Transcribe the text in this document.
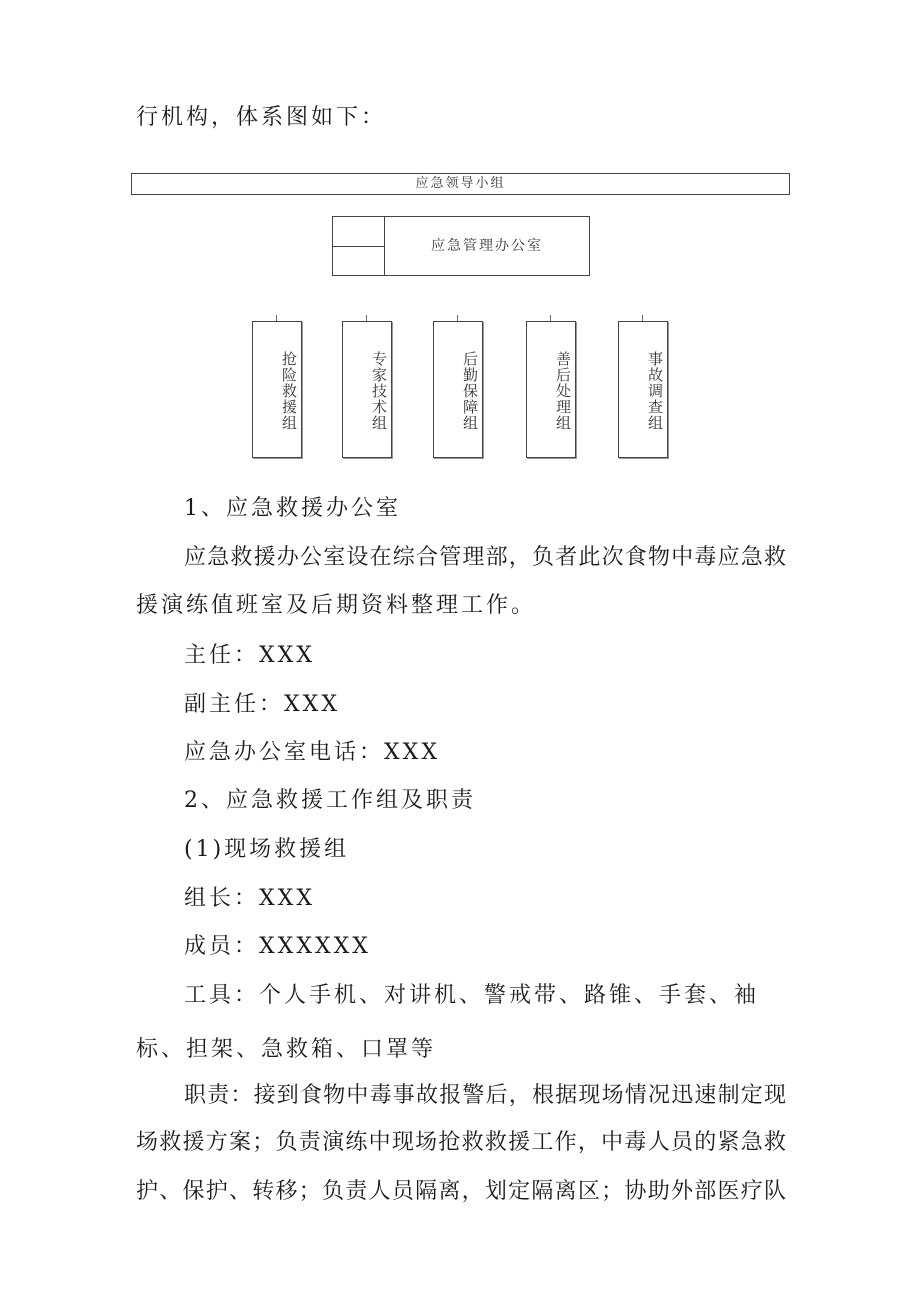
行机构，体系图如下：
应急领导小组
应急管理办公室
抢险救援组	专家技术组	后勤保障组	善后处理组	事故调查组
1、应急救援办公室
应急救援办公室设在综合管理部，负者此次食物中毒应急救
援演练值班室及后期资料整理工作。
主任：XXX
副主任：XXX
应急办公室电话：XXX
2、应急救援工作组及职责
(1)现场救援组
组长：XXX
成员：XXXXXX
工具：个人手机、对讲机、警戒带、路锥、手套、袖
标、担架、急救箱、口罩等
职责：接到食物中毒事故报警后，根据现场情况迅速制定现
场救援方案；负责演练中现场抢救救援工作，中毒人员的紧急救
护、保护、转移；负责人员隔离，划定隔离区；协助外部医疗队
